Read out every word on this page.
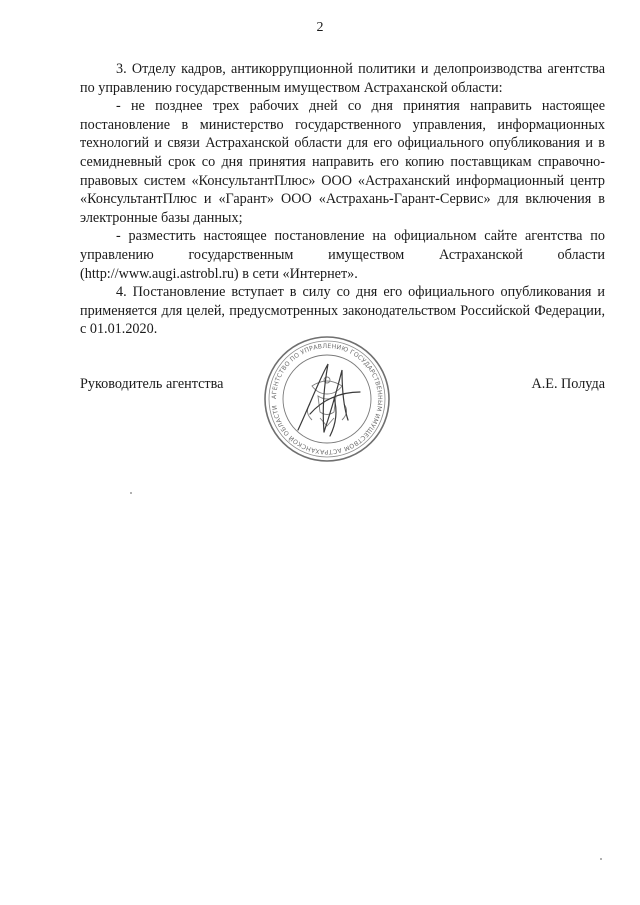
2

3. Отделу кадров, антикоррупционной политики и делопроизводства агентства по управлению государственным имуществом Астраханской области:

- не позднее трех рабочих дней со дня принятия направить настоящее постановление в министерство государственного управления, информационных технологий и связи Астраханской области для его официального опубликования и в семидневный срок со дня принятия направить его копию поставщикам справочно-правовых систем «КонсультантПлюс» ООО «Астраханский информационный центр «КонсультантПлюс и «Гарант» ООО «Астрахань-Гарант-Сервис» для включения в электронные базы данных;

- разместить настоящее постановление на официальном сайте агентства по управлению государственным имуществом Астраханской области (http://www.augi.astrobl.ru) в сети «Интернет».

4. Постановление вступает в силу со дня его официального опубликования и применяется для целей, предусмотренных законодательством Российской Федерации, с 01.01.2020.

Руководитель агентства	А.Е. Полуда
АГЕНТСТВО ПО УПРАВЛЕНИЮ ГОСУДАРСТВЕННЫМ ИМУЩЕСТВОМ АСТРАХАНСКОЙ ОБЛАСТИ
